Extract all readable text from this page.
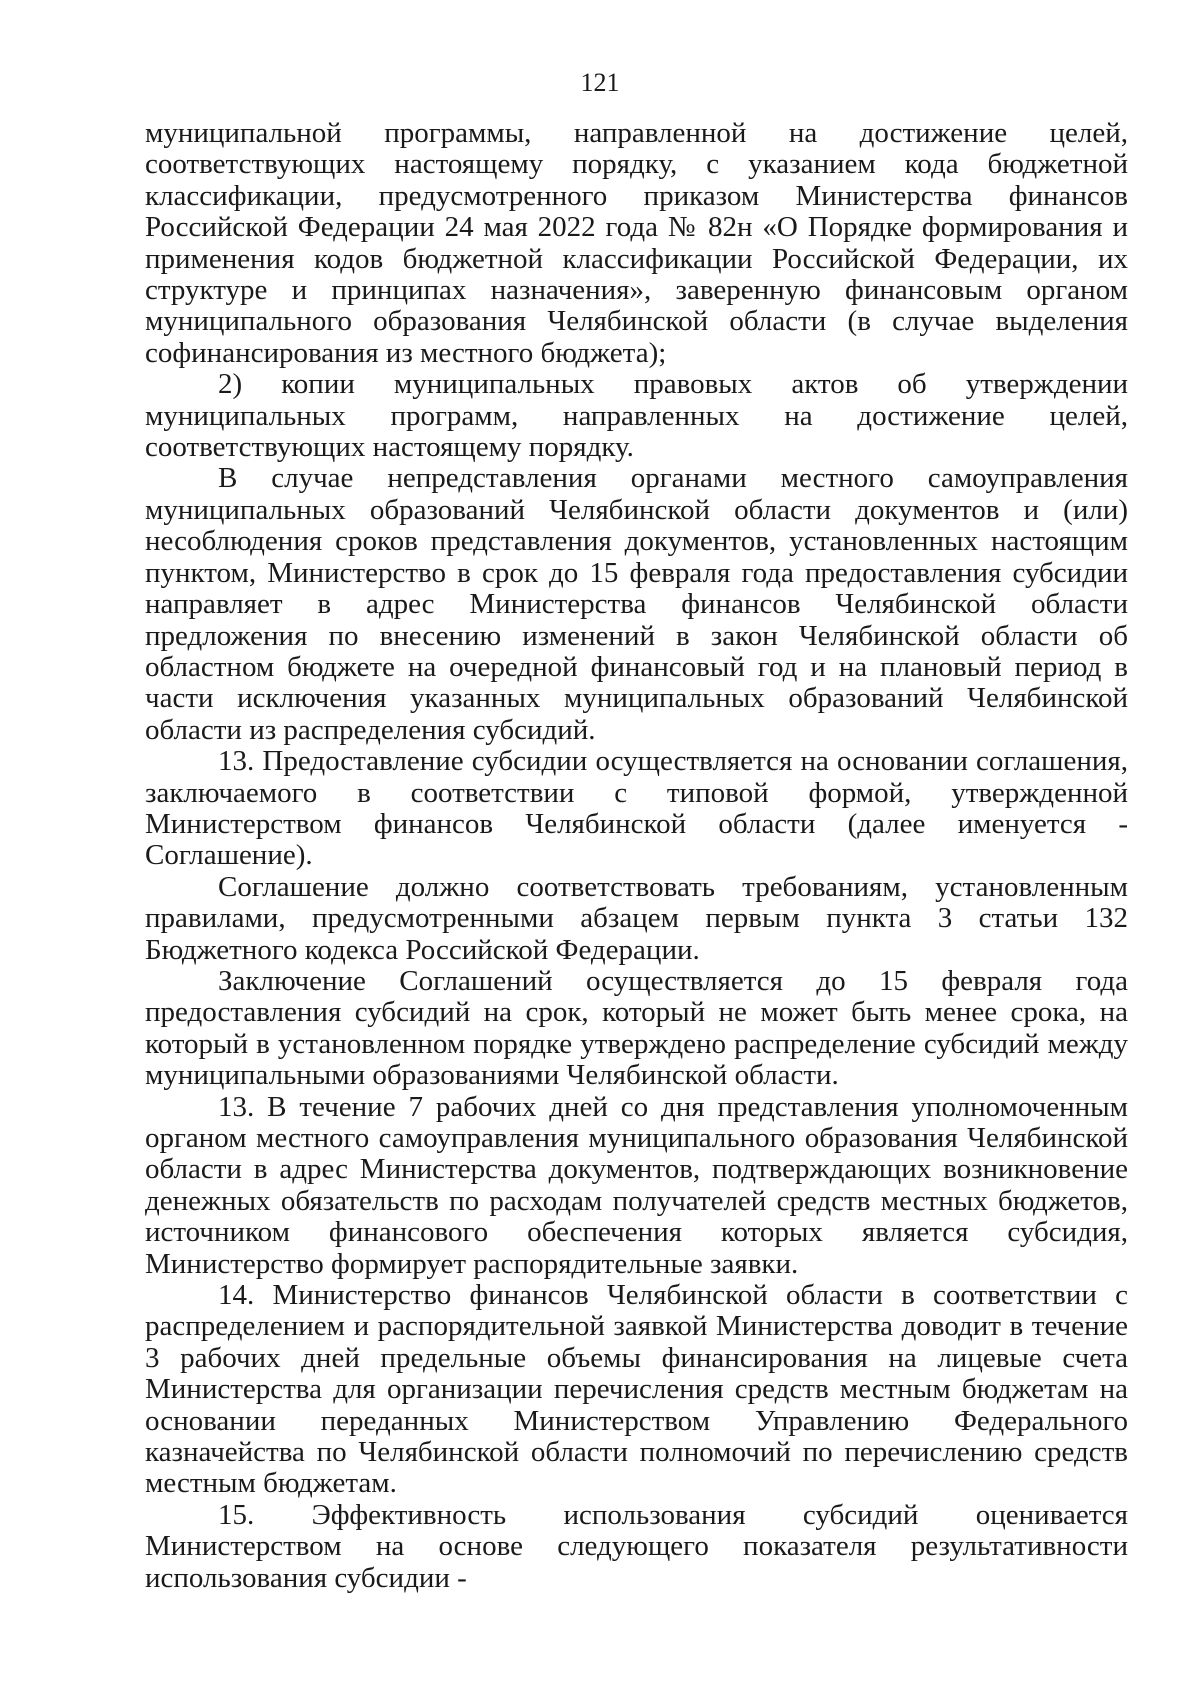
121

муниципальной программы, направленной на достижение целей, соответствующих настоящему порядку, с указанием кода бюджетной классификации, предусмотренного приказом Министерства финансов Российской Федерации 24 мая 2022 года № 82н «О Порядке формирования и применения кодов бюджетной классификации Российской Федерации, их структуре и принципах назначения», заверенную финансовым органом муниципального образования Челябинской области (в случае выделения софинансирования из местного бюджета);

2) копии муниципальных правовых актов об утверждении муниципальных программ, направленных на достижение целей, соответствующих настоящему порядку.

В случае непредставления органами местного самоуправления муниципальных образований Челябинской области документов и (или) несоблюдения сроков представления документов, установленных настоящим пунктом, Министерство в срок до 15 февраля года предоставления субсидии направляет в адрес Министерства финансов Челябинской области предложения по внесению изменений в закон Челябинской области об областном бюджете на очередной финансовый год и на плановый период в части исключения указанных муниципальных образований Челябинской области из распределения субсидий.

13. Предоставление субсидии осуществляется на основании соглашения, заключаемого в соответствии с типовой формой, утвержденной Министерством финансов Челябинской области (далее именуется - Соглашение).

Соглашение должно соответствовать требованиям, установленным правилами, предусмотренными абзацем первым пункта 3 статьи 132 Бюджетного кодекса Российской Федерации.

Заключение Соглашений осуществляется до 15 февраля года предоставления субсидий на срок, который не может быть менее срока, на который в установленном порядке утверждено распределение субсидий между муниципальными образованиями Челябинской области.

13. В течение 7 рабочих дней со дня представления уполномоченным органом местного самоуправления муниципального образования Челябинской области в адрес Министерства документов, подтверждающих возникновение денежных обязательств по расходам получателей средств местных бюджетов, источником финансового обеспечения которых является субсидия, Министерство формирует распорядительные заявки.

14. Министерство финансов Челябинской области в соответствии с распределением и распорядительной заявкой Министерства доводит в течение 3 рабочих дней предельные объемы финансирования на лицевые счета Министерства для организации перечисления средств местным бюджетам на основании переданных Министерством Управлению Федерального казначейства по Челябинской области полномочий по перечислению средств местным бюджетам.

15. Эффективность использования субсидий оценивается Министерством на основе следующего показателя результативности использования субсидии -
